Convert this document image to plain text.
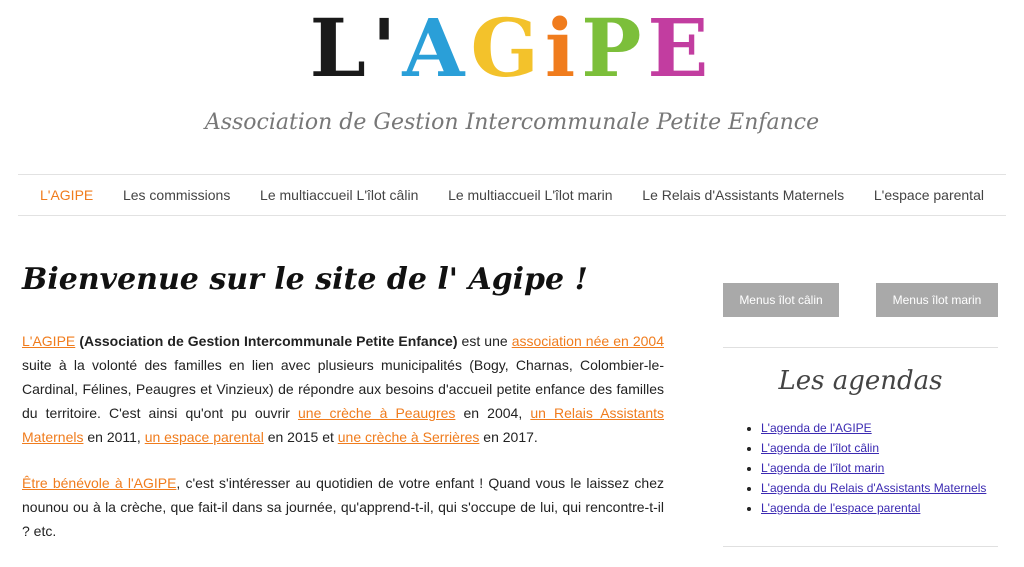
L'AGiPE
Association de Gestion Intercommunale Petite Enfance
L'AGIPE Les commissions Le multiaccueil L'îlot câlin Le multiaccueil L'îlot marin Le Relais d'Assistants Maternels L'espace parental
Bienvenue sur le site de l' Agipe !

L'AGIPE (Association de Gestion Intercommunale Petite Enfance) est une association née en 2004 suite à la volonté des familles en lien avec plusieurs municipalités (Bogy, Charnas, Colombier-le-Cardinal, Félines, Peaugres et Vinzieux) de répondre aux besoins d'accueil petite enfance des familles du territoire. C'est ainsi qu'ont pu ouvrir une crèche à Peaugres en 2004, un Relais Assistants Maternels en 2011, un espace parental en 2015 et une crèche à Serrières en 2017.

Être bénévole à l'AGIPE, c'est s'intéresser au quotidien de votre enfant ! Quand vous le laissez chez nounou ou à la crèche, que fait-il dans sa journée, qu'apprend-t-il, qui s'occupe de lui, qui rencontre-t-il ? etc.

Menus îlot câlin	Menus îlot marin
Les agendas
• L'agenda de l'AGIPE
• L'agenda de l'îlot câlin
• L'agenda de l'îlot marin
• L'agenda du Relais d'Assistants Maternels
• L'agenda de l'espace parental
